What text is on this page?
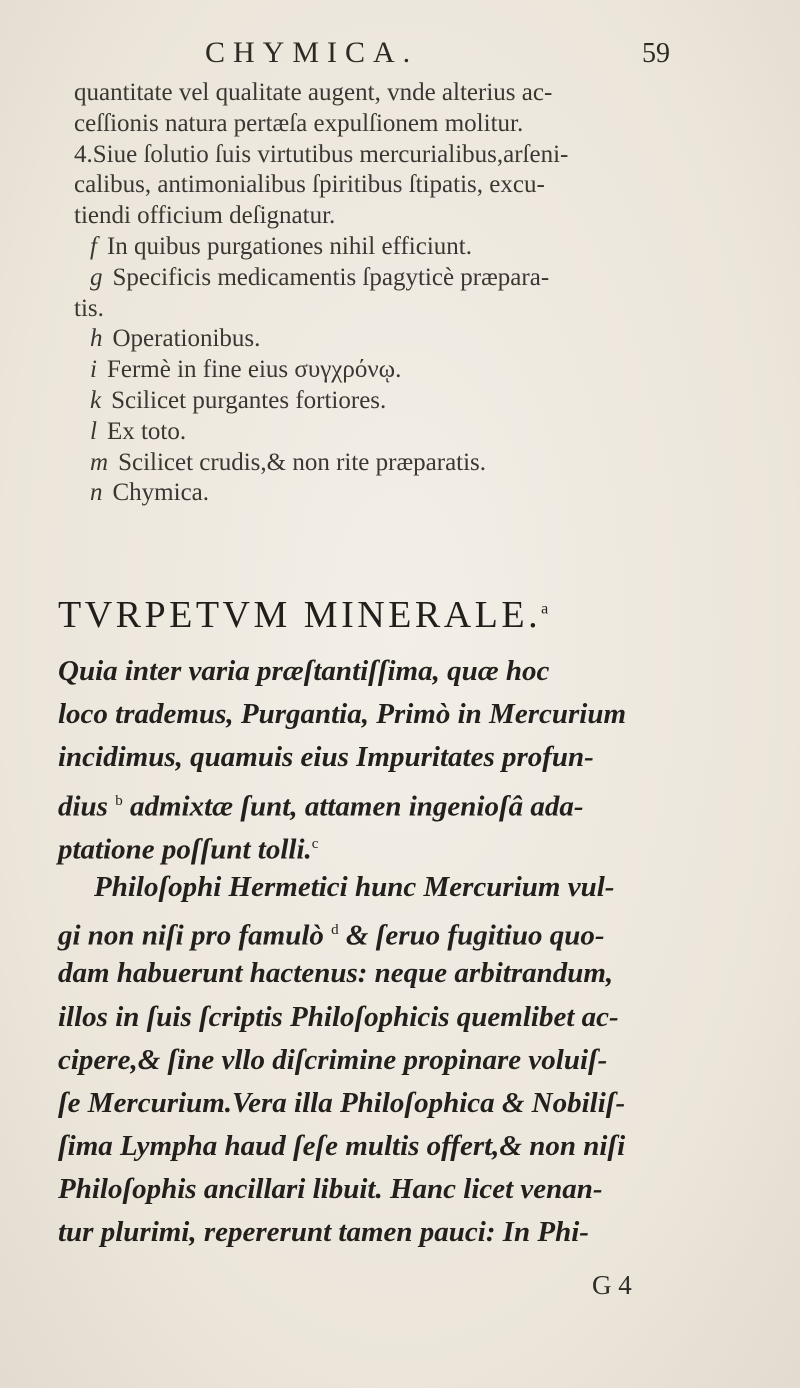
CHYMICA.	59
quantitate vel qualitate augent, vnde alterius ac-
ceſſionis natura pertæſa expulſionem molitur.
4.Siue ſolutio ſuis virtutibus mercurialibus,arſeni-
calibus, antimonialibus ſpiritibus ſtipatis, excu-
tiendi officium deſignatur.
f In quibus purgationes nihil efficiunt.
g Specificis medicamentis ſpagyticè præpara-
tis.
h Operationibus.
i Fermè in fine eius συγχρόνῳ.
k Scilicet purgantes fortiores.
l Ex toto.
m Scilicet crudis,& non rite præparatis.
n Chymica.
TVRPETVM MINERALE.$^a$
Quia inter varia præſtantiſſima, quæ hoc
loco trademus, Purgantia, Primò in Mercurium
incidimus, quamuis eius Impuritates profun-
dius $^b$ admixtæ ſunt, attamen ingenioſâ ada-
ptatione poſſunt tolli.$^c$
Philoſophi Hermetici hunc Mercurium vul-
gi non niſi pro famulò $^d$ & ſeruo fugitiuo quo-
dam habuerunt hactenus: neque arbitrandum,
illos in ſuis ſcriptis Philoſophicis quemlibet ac-
cipere,& ſine vllo diſcrimine propinare voluiſ-
ſe Mercurium.Vera illa Philoſophica & Nobiliſ-
ſima Lympha haud ſeſe multis offert,& non niſi
Philoſophis ancillari libuit. Hanc licet venan-
tur plurimi, repererunt tamen pauci: In Phi-
G 4
